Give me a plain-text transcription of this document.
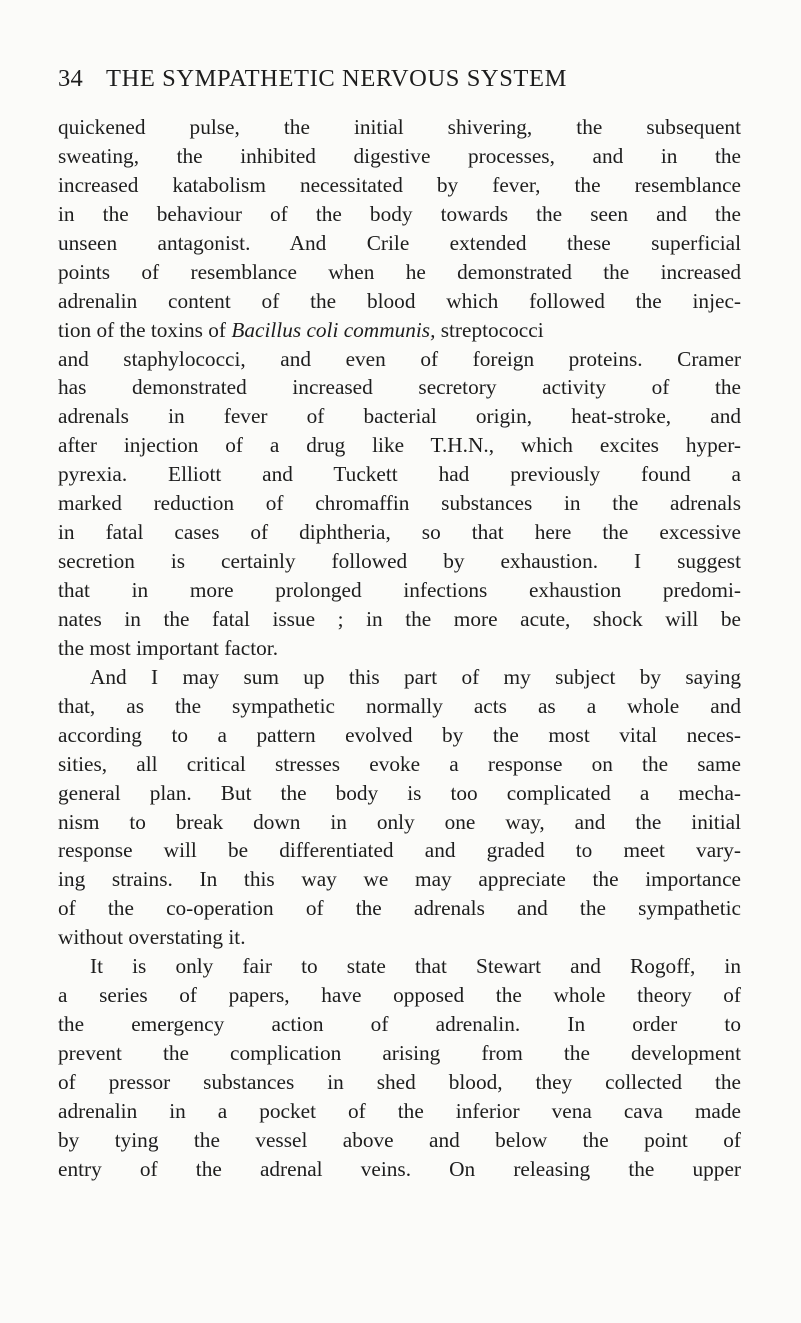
34 THE SYMPATHETIC NERVOUS SYSTEM
quickened pulse, the initial shivering, the subsequent
sweating, the inhibited digestive processes, and in the
increased katabolism necessitated by fever, the resemblance
in the behaviour of the body towards the seen and the
unseen antagonist. And Crile extended these superficial
points of resemblance when he demonstrated the increased
adrenalin content of the blood which followed the injec-
tion of the toxins of Bacillus coli communis, streptococci
and staphylococci, and even of foreign proteins. Cramer
has demonstrated increased secretory activity of the
adrenals in fever of bacterial origin, heat-stroke, and
after injection of a drug like T.H.N., which excites hyper-
pyrexia. Elliott and Tuckett had previously found a
marked reduction of chromaffin substances in the adrenals
in fatal cases of diphtheria, so that here the excessive
secretion is certainly followed by exhaustion. I suggest
that in more prolonged infections exhaustion predomi-
nates in the fatal issue ; in the more acute, shock will be
the most important factor.
And I may sum up this part of my subject by saying
that, as the sympathetic normally acts as a whole and
according to a pattern evolved by the most vital neces-
sities, all critical stresses evoke a response on the same
general plan. But the body is too complicated a mecha-
nism to break down in only one way, and the initial
response will be differentiated and graded to meet vary-
ing strains. In this way we may appreciate the importance
of the co-operation of the adrenals and the sympathetic
without overstating it.
It is only fair to state that Stewart and Rogoff, in
a series of papers, have opposed the whole theory of
the emergency action of adrenalin. In order to
prevent the complication arising from the development
of pressor substances in shed blood, they collected the
adrenalin in a pocket of the inferior vena cava made
by tying the vessel above and below the point of
entry of the adrenal veins. On releasing the upper
